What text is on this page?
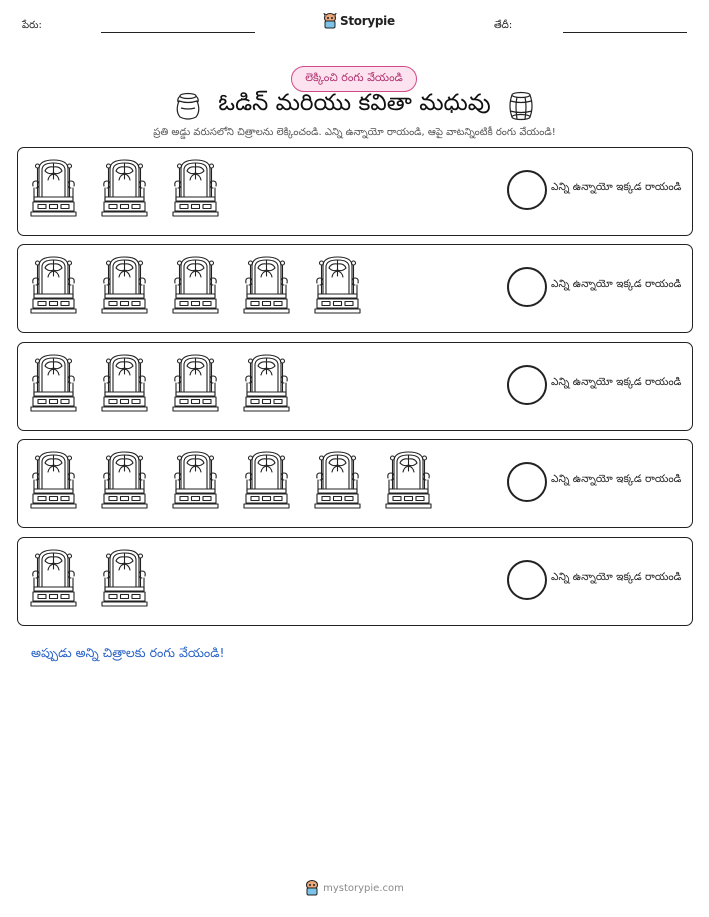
పేరు:	Storypie	తేదీ:
లెక్కించి రంగు వేయండి
ఓడిన్ మరియు కవితా మధువు
ప్రతి అడ్డు వరుసలోని చిత్రాలను లెక్కించండి. ఎన్ని ఉన్నాయో రాయండి, ఆపై వాటన్నింటికీ రంగు వేయండి!
ఎన్ని ఉన్నాయో ఇక్కడ రాయండి
ఎన్ని ఉన్నాయో ఇక్కడ రాయండి
ఎన్ని ఉన్నాయో ఇక్కడ రాయండి
ఎన్ని ఉన్నాయో ఇక్కడ రాయండి
ఎన్ని ఉన్నాయో ఇక్కడ రాయండి
అప్పుడు అన్ని చిత్రాలకు రంగు వేయండి!
mystorypie.com
